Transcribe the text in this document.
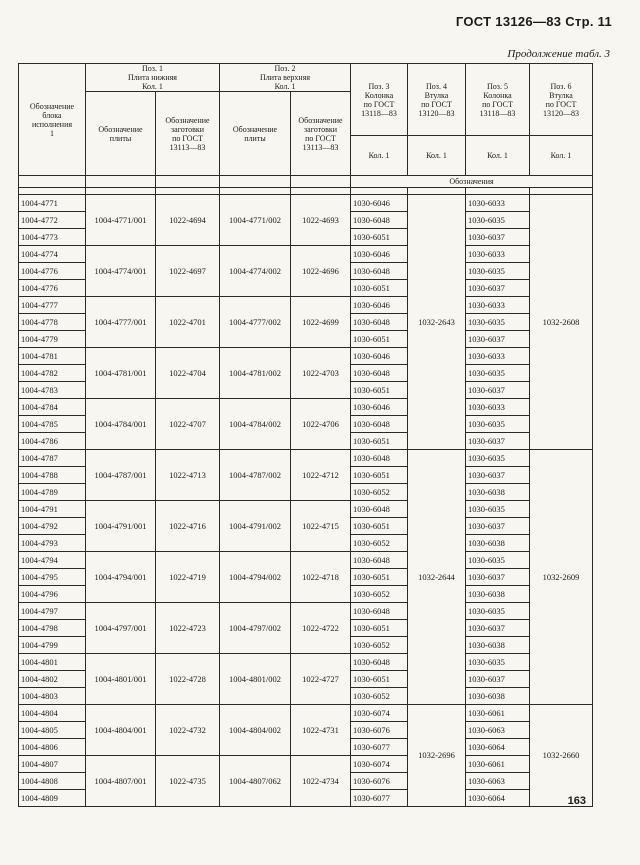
ГОСТ 13126—83 Стр. 11
Продолжение табл. 3
Обозначение
блока
исполнения
1	Поз. 1
Плита нижняя
Кол. 1		Поз. 2
Плита верхняя
Кол. 1		Поз. 3
Колонка
по ГОСТ
13118—83	Поз. 4
Втулка
по ГОСТ
13120—83	Поз. 5
Колонка
по ГОСТ
13118—83	Поз. 6
Втулка
по ГОСТ
13120—83

	Обозначение
плиты	Обозначение
заготовки
по ГОСТ
13113—83	Обозначение
плиты	Обозначение
заготовки
по ГОСТ
13113—83				

					Кол. 1	Кол. 1	Кол. 1	Кол. 1
					Обозначения			

1004-4771	1004-4771/001	1022-4694	1004-4771/002	1022-4693	1030-6046	1032-2643	1030-6033	1032-2608
1004-4772					1030-6048		1030-6035	
1004-4773					1030-6051		1030-6037	
1004-4774	1004-4774/001	1022-4697	1004-4774/002	1022-4696	1030-6046		1030-6033	
1004-4776					1030-6048		1030-6035	
1004-4776					1030-6051		1030-6037	
1004-4777	1004-4777/001	1022-4701	1004-4777/002	1022-4699	1030-6046		1030-6033	
1004-4778					1030-6048		1030-6035	
1004-4779					1030-6051		1030-6037	
1004-4781	1004-4781/001	1022-4704	1004-4781/002	1022-4703	1030-6046		1030-6033	
1004-4782					1030-6048		1030-6035	
1004-4783					1030-6051		1030-6037	
1004-4784	1004-4784/001	1022-4707	1004-4784/002	1022-4706	1030-6046		1030-6033	
1004-4785					1030-6048		1030-6035	
1004-4786					1030-6051		1030-6037	
1004-4787	1004-4787/001	1022-4713	1004-4787/002	1022-4712	1030-6048	1032-2644	1030-6035	1032-2609
1004-4788					1030-6051		1030-6037	
1004-4789					1030-6052		1030-6038	
1004-4791	1004-4791/001	1022-4716	1004-4791/002	1022-4715	1030-6048		1030-6035	
1004-4792					1030-6051		1030-6037	
1004-4793					1030-6052		1030-6038	
1004-4794	1004-4794/001	1022-4719	1004-4794/002	1022-4718	1030-6048		1030-6035	
1004-4795					1030-6051		1030-6037	
1004-4796					1030-6052		1030-6038	
1004-4797	1004-4797/001	1022-4723	1004-4797/002	1022-4722	1030-6048		1030-6035	
1004-4798					1030-6051		1030-6037	
1004-4799					1030-6052		1030-6038	
1004-4801	1004-4801/001	1022-4728	1004-4801/002	1022-4727	1030-6048		1030-6035	
1004-4802					1030-6051		1030-6037	
1004-4803					1030-6052		1030-6038	
1004-4804	1004-4804/001	1022-4732	1004-4804/002	1022-4731	1030-6074	1032-2696	1030-6061	1032-2660
1004-4805					1030-6076		1030-6063	
1004-4806					1030-6077		1030-6064	
1004-4807	1004-4807/001	1022-4735	1004-4807/062	1022-4734	1030-6074		1030-6061	
1004-4808					1030-6076		1030-6063	
1004-4809					1030-6077		1030-6064		163
